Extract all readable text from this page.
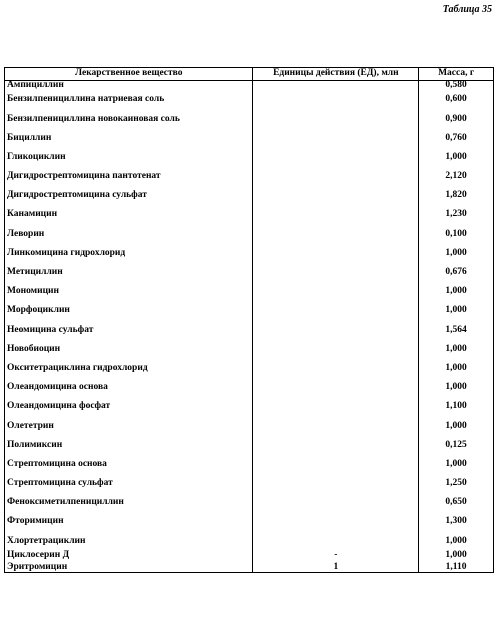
Таблица 35
Лекарственное вещество	Единицы действия (ЕД), млн	Масса, г
Ампициллин		0,580
Бензилпенициллина натриевая соль		0,600
Бензилпенициллина новокаиновая соль		0,900
Бициллин		0,760
Гликоциклин		1,000
Дигидрострептомицина пантотенат		2,120
Дигидрострептомицина сульфат		1,820
Канамицин		1,230
Леворин		0,100
Линкомицина гидрохлорид		1,000
Метициллин		0,676
Мономицин		1,000
Морфоциклин		1,000
Неомицина сульфат		1,564
Новобиоцин		1,000
Окситетрациклина гидрохлорид		1,000
Олеандомицина основа		1,000
Олеандомицина фосфат		1,100
Олететрин		1,000
Полимиксин		0,125
Стрептомицина основа		1,000
Стрептомицина сульфат		1,250
Феноксиметилпенициллин		0,650
Фторимицин		1,300
Хлортетрациклин		1,000
Циклосерин Д	-	1,000
Эритромицин	1	1,110
